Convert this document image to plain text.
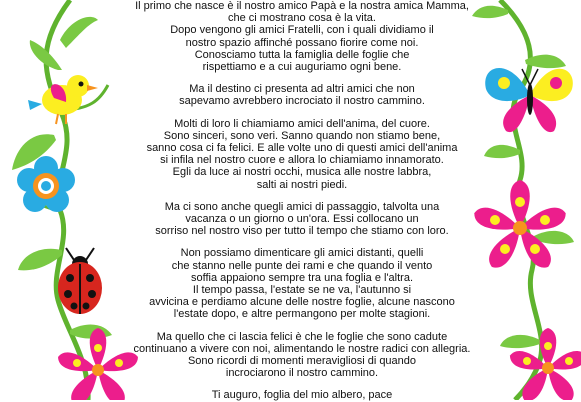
Il primo che nasce è il nostro amico Papà e la nostra amica Mamma,
che ci mostrano cosa è la vita.
Dopo vengono gli amici Fratelli, con i quali dividiamo il
nostro spazio affinché possano fiorire come noi.
Conosciamo tutta la famiglia delle foglie che
rispettiamo e a cui auguriamo ogni bene.
Ma il destino ci presenta ad altri amici che non
sapevamo avrebbero incrociato il nostro cammino.
Molti di loro li chiamiamo amici dell'anima, del cuore.
Sono sinceri, sono veri. Sanno quando non stiamo bene,
sanno cosa ci fa felici. E alle volte uno di questi amici dell'anima
si infila nel nostro cuore e allora lo chiamiamo innamorato.
Egli da luce ai nostri occhi, musica alle nostre labbra,
salti ai nostri piedi.
Ma ci sono anche quegli amici di passaggio, talvolta una
vacanza o un giorno o un'ora. Essi collocano un
sorriso nel nostro viso per tutto il tempo che stiamo con loro.
Non possiamo dimenticare gli amici distanti, quelli
che stanno nelle punte dei rami e che quando il vento
soffia appaiono sempre tra una foglia e l'altra.
Il tempo passa, l'estate se ne va, l'autunno si
avvicina e perdiamo alcune delle nostre foglie, alcune nascono
l'estate dopo, e altre permangono per molte stagioni.
Ma quello che ci lascia felici è che le foglie che sono cadute
continuano a vivere con noi, alimentando le nostre radici con allegria.
Sono ricordi di momenti meravigliosi di quando
incrociarono il nostro cammino.
Ti auguro, foglia del mio albero, pace
